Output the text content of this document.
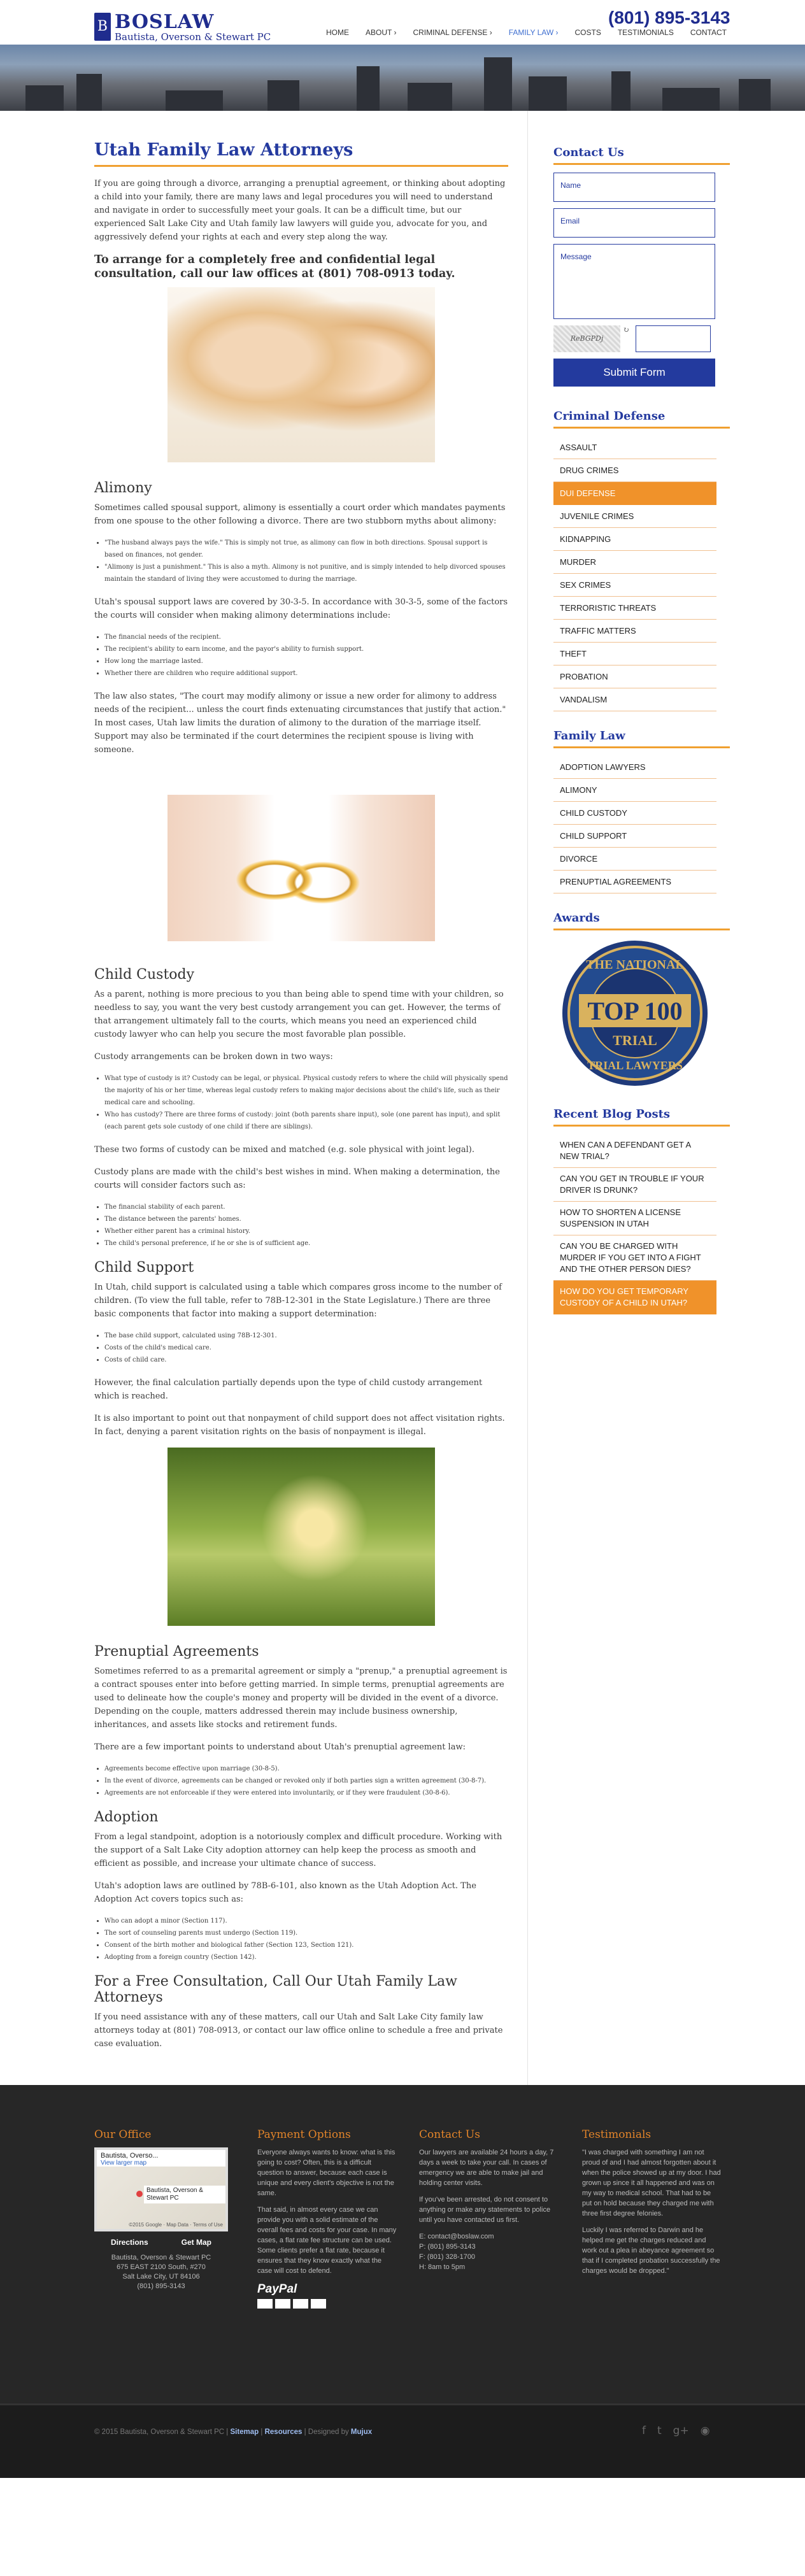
B BOSLAW
Bautista, Overson & Stewart PC
(801) 895-3143
HOME ABOUT › CRIMINAL DEFENSE › FAMILY LAW › COSTS TESTIMONIALS CONTACT
Utah Family Law Attorneys

If you are going through a divorce, arranging a prenuptial agreement, or thinking about adopting a child into your family, there are many laws and legal procedures you will need to understand and navigate in order to successfully meet your goals. It can be a difficult time, but our experienced Salt Lake City and Utah family law lawyers will guide you, advocate for you, and aggressively defend your rights at each and every step along the way.

To arrange for a completely free and confidential legal consultation, call our law offices at (801) 708-0913 today.
Alimony

Sometimes called spousal support, alimony is essentially a court order which mandates payments from one spouse to the other following a divorce. There are two stubborn myths about alimony:

• "The husband always pays the wife." This is simply not true, as alimony can flow in both directions. Spousal support is based on finances, not gender.
• "Alimony is just a punishment." This is also a myth. Alimony is not punitive, and is simply intended to help divorced spouses maintain the standard of living they were accustomed to during the marriage.

Utah's spousal support laws are covered by 30-3-5. In accordance with 30-3-5, some of the factors the courts will consider when making alimony determinations include:

• The financial needs of the recipient.
• The recipient's ability to earn income, and the payor's ability to furnish support.
• How long the marriage lasted.
• Whether there are children who require additional support.

The law also states, "The court may modify alimony or issue a new order for alimony to address needs of the recipient... unless the court finds extenuating circumstances that justify that action." In most cases, Utah law limits the duration of alimony to the duration of the marriage itself. Support may also be terminated if the court determines the recipient spouse is living with someone.

Child Custody

As a parent, nothing is more precious to you than being able to spend time with your children, so needless to say, you want the very best custody arrangement you can get. However, the terms of that arrangement ultimately fall to the courts, which means you need an experienced child custody lawyer who can help you secure the most favorable plan possible.

Custody arrangements can be broken down in two ways:

• What type of custody is it? Custody can be legal, or physical. Physical custody refers to where the child will physically spend the majority of his or her time, whereas legal custody refers to making major decisions about the child's life, such as their medical care and schooling.
• Who has custody? There are three forms of custody: joint (both parents share input), sole (one parent has input), and split (each parent gets sole custody of one child if there are siblings).

These two forms of custody can be mixed and matched (e.g. sole physical with joint legal).

Custody plans are made with the child's best wishes in mind. When making a determination, the courts will consider factors such as:

• The financial stability of each parent.
• The distance between the parents' homes.
• Whether either parent has a criminal history.
• The child's personal preference, if he or she is of sufficient age.
Child Support

In Utah, child support is calculated using a table which compares gross income to the number of children. (To view the full table, refer to 78B-12-301 in the State Legislature.) There are three basic components that factor into making a support determination:

• The base child support, calculated using 78B-12-301.
• Costs of the child's medical care.
• Costs of child care.

However, the final calculation partially depends upon the type of child custody arrangement which is reached.

It is also important to point out that nonpayment of child support does not affect visitation rights. In fact, denying a parent visitation rights on the basis of nonpayment is illegal.

Prenuptial Agreements

Sometimes referred to as a premarital agreement or simply a "prenup," a prenuptial agreement is a contract spouses enter into before getting married. In simple terms, prenuptial agreements are used to delineate how the couple's money and property will be divided in the event of a divorce. Depending on the couple, matters addressed therein may include business ownership, inheritances, and assets like stocks and retirement funds.

There are a few important points to understand about Utah's prenuptial agreement law:

• Agreements become effective upon marriage (30-8-5).
• In the event of divorce, agreements can be changed or revoked only if both parties sign a written agreement (30-8-7).
• Agreements are not enforceable if they were entered into involuntarily, or if they were fraudulent (30-8-6).
Adoption

From a legal standpoint, adoption is a notoriously complex and difficult procedure. Working with the support of a Salt Lake City adoption attorney can help keep the process as smooth and efficient as possible, and increase your ultimate chance of success.

Utah's adoption laws are outlined by 78B-6-101, also known as the Utah Adoption Act. The Adoption Act covers topics such as:

• Who can adopt a minor (Section 117).
• The sort of counseling parents must undergo (Section 119).
• Consent of the birth mother and biological father (Section 123, Section 121).
• Adopting from a foreign country (Section 142).
For a Free Consultation, Call Our Utah Family Law Attorneys

If you need assistance with any of these matters, call our Utah and Salt Lake City family law attorneys today at (801) 708-0913, or contact our law office online to schedule a free and private case evaluation.

Contact Us
Name
Email
Message
ReBGPDj
↻
Submit Form
Criminal Defense
ASSAULT
DRUG CRIMES
DUI DEFENSE
JUVENILE CRIMES
KIDNAPPING
MURDER
SEX CRIMES
TERRORISTIC THREATS
TRAFFIC MATTERS
THEFT
PROBATION
VANDALISM
Family Law
ADOPTION LAWYERS
ALIMONY
CHILD CUSTODY
CHILD SUPPORT
DIVORCE
PRENUPTIAL AGREEMENTS
Awards
THE NATIONAL
TOP 100
TRIAL
TRIAL LAWYERS
Recent Blog Posts
WHEN CAN A DEFENDANT GET A NEW TRIAL?
CAN YOU GET IN TROUBLE IF YOUR DRIVER IS DRUNK?
HOW TO SHORTEN A LICENSE SUSPENSION IN UTAH
CAN YOU BE CHARGED WITH MURDER IF YOU GET INTO A FIGHT AND THE OTHER PERSON DIES?
HOW DO YOU GET TEMPORARY CUSTODY OF A CHILD IN UTAH?
Our Office
Bautista, Overso...
View larger map
Bautista, Overson & Stewart PC
©2015 Google · Map Data · Terms of Use
Directions	Get Map
Bautista, Overson & Stewart PC
675 EAST 2100 South, #270
Salt Lake City, UT 84106
(801) 895-3143
Payment Options

Everyone always wants to know: what is this going to cost? Often, this is a difficult question to answer, because each case is unique and every client's objective is not the same.

That said, in almost every case we can provide you with a solid estimate of the overall fees and costs for your case. In many cases, a flat rate fee structure can be used. Some clients prefer a flat rate, because it ensures that they know exactly what the case will cost to defend.

PayPal
Contact Us

Our lawyers are available 24 hours a day, 7 days a week to take your call. In cases of emergency we are able to make jail and holding center visits.

If you've been arrested, do not consent to anything or make any statements to police until you have contacted us first.

E: contact@boslaw.com

P: (801) 895-3143

F: (801) 328-1700

H: 8am to 5pm

Testimonials

"I was charged with something I am not proud of and I had almost forgotten about it when the police showed up at my door. I had grown up since it all happened and was on my way to medical school. That had to be put on hold because they charged me with three first degree felonies.

Luckily I was referred to Darwin and he helped me get the charges reduced and work out a plea in abeyance agreement so that if I completed probation successfully the charges would be dropped."

© 2015 Bautista, Overson & Stewart PC | Sitemap | Resources | Designed by Mujux	f t g+ ◉
